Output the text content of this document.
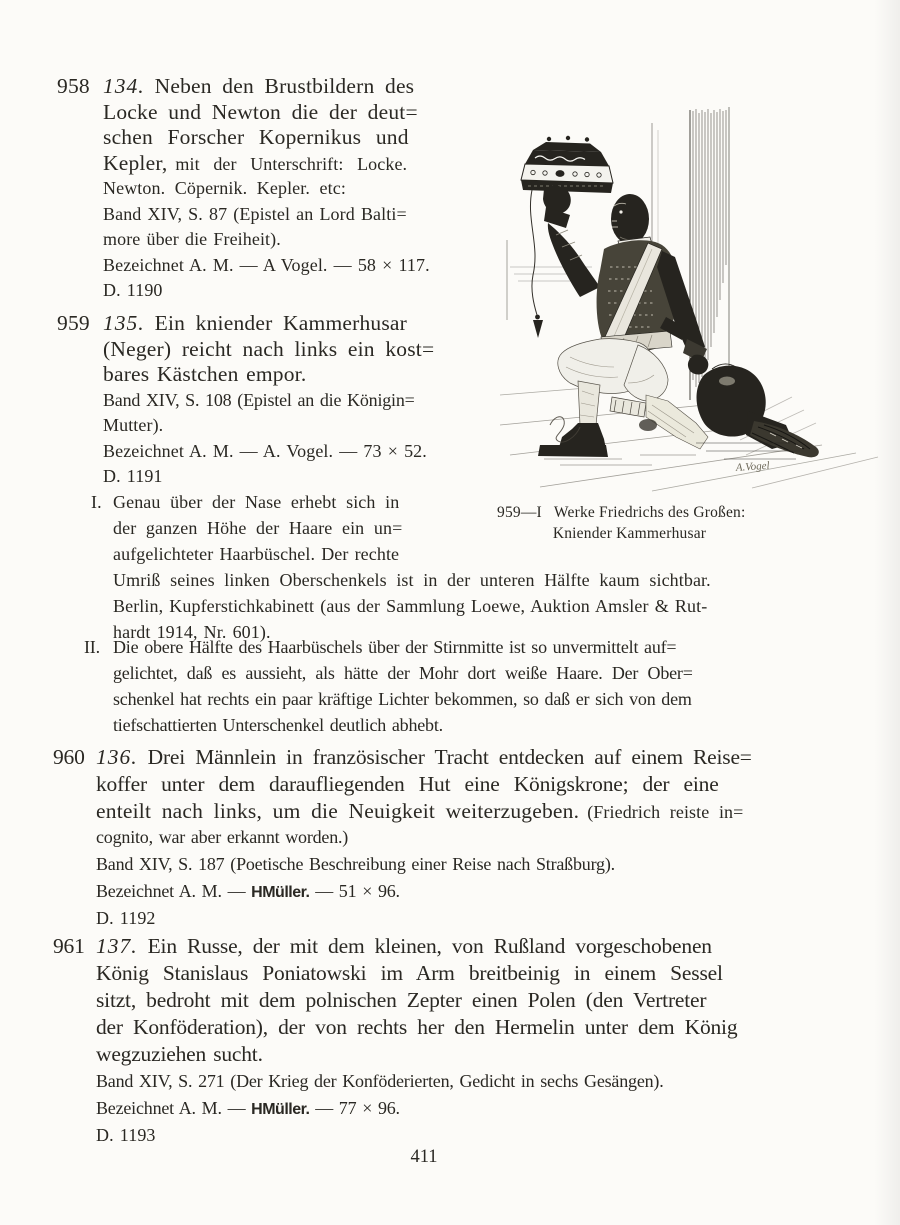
958 134. Neben den Brustbildern des
Locke und Newton die der deut=
schen Forscher Kopernikus und
Kepler, mit der Unterschrift: Locke.
Newton. Cöpernik. Kepler. etc:
Band XIV, S. 87 (Epistel an Lord Balti=
more über die Freiheit).
Bezeichnet A. M. — A Vogel. — 58 × 117.
D. 1190
959 135. Ein kniender Kammerhusar
(Neger) reicht nach links ein kost=
bares Kästchen empor.
Band XIV, S. 108 (Epistel an die Königin=
Mutter).
Bezeichnet A. M. — A. Vogel. — 73 × 52.
D. 1191
I. Genau über der Nase erhebt sich in
der ganzen Höhe der Haare ein un=
aufgelichteter Haarbüschel. Der rechte
Umriß seines linken Oberschenkels ist in der unteren Hälfte kaum sichtbar.
Berlin, Kupferstichkabinett (aus der Sammlung Loewe, Auktion Amsler & Rut-
hardt 1914, Nr. 601).
II. Die obere Hälfte des Haarbüschels über der Stirnmitte ist so unvermittelt auf=
gelichtet, daß es aussieht, als hätte der Mohr dort weiße Haare. Der Ober=
schenkel hat rechts ein paar kräftige Lichter bekommen, so daß er sich von dem
tiefschattierten Unterschenkel deutlich abhebt.
960 136. Drei Männlein in französischer Tracht entdecken auf einem Reise=
koffer unter dem daraufliegenden Hut eine Königskrone; der eine
enteilt nach links, um die Neuigkeit weiterzugeben. (Friedrich reiste in=
cognito, war aber erkannt worden.)
Band XIV, S. 187 (Poetische Beschreibung einer Reise nach Straßburg).
Bezeichnet A. M. — HMüller. — 51 × 96.
D. 1192
961 137. Ein Russe, der mit dem kleinen, von Rußland vorgeschobenen
König Stanislaus Poniatowski im Arm breitbeinig in einem Sessel
sitzt, bedroht mit dem polnischen Zepter einen Polen (den Vertreter
der Konföderation), der von rechts her den Hermelin unter dem König
wegzuziehen sucht.
Band XIV, S. 271 (Der Krieg der Konföderierten, Gedicht in sechs Gesängen).
Bezeichnet A. M. — HMüller. — 77 × 96.
D. 1193
A.Vogel
959—I Werke Friedrichs des Großen:
Kniender Kammerhusar
411
